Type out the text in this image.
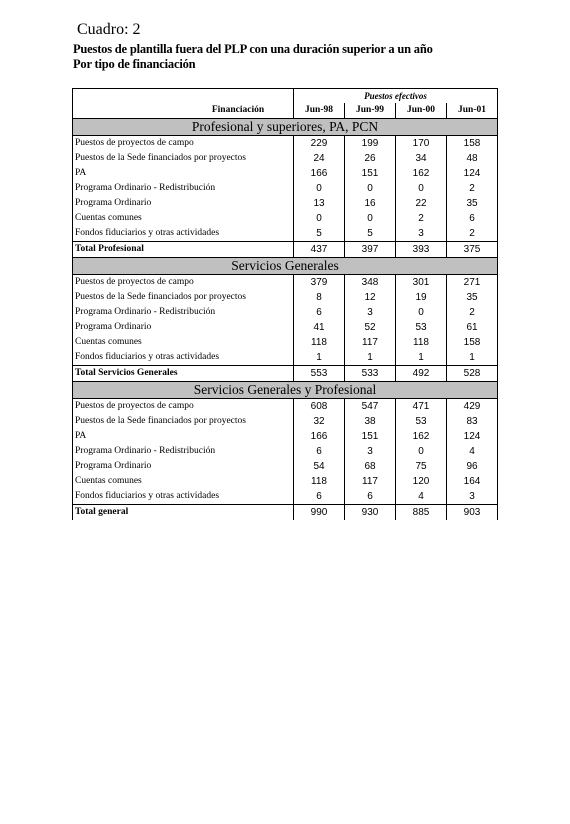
Cuadro: 2
Puestos de plantilla fuera del PLP con una duración superior a un año
Por tipo de financiación
	Puestos efectivos			
Financiación	Jun-98	Jun-99	Jun-00	Jun-01
Profesional y superiores, PA, PCN				
Puestos de proyectos de campo	229	199	170	158
Puestos de la Sede financiados por proyectos	24	26	34	48
PA	166	151	162	124
Programa Ordinario - Redistribución	0	0	0	2
Programa Ordinario	13	16	22	35
Cuentas comunes	0	0	2	6
Fondos fiduciarios y otras actividades	5	5	3	2
Total Profesional	437	397	393	375
Servicios Generales				
Puestos de proyectos de campo	379	348	301	271
Puestos de la Sede financiados por proyectos	8	12	19	35
Programa Ordinario - Redistribución	6	3	0	2
Programa Ordinario	41	52	53	61
Cuentas comunes	118	117	118	158
Fondos fiduciarios y otras actividades	1	1	1	1
Total Servicios Generales	553	533	492	528
Servicios Generales y Profesional				
Puestos de proyectos de campo	608	547	471	429
Puestos de la Sede financiados por proyectos	32	38	53	83
PA	166	151	162	124
Programa Ordinario - Redistribución	6	3	0	4
Programa Ordinario	54	68	75	96
Cuentas comunes	118	117	120	164
Fondos fiduciarios y otras actividades	6	6	4	3
Total general	990	930	885	903
